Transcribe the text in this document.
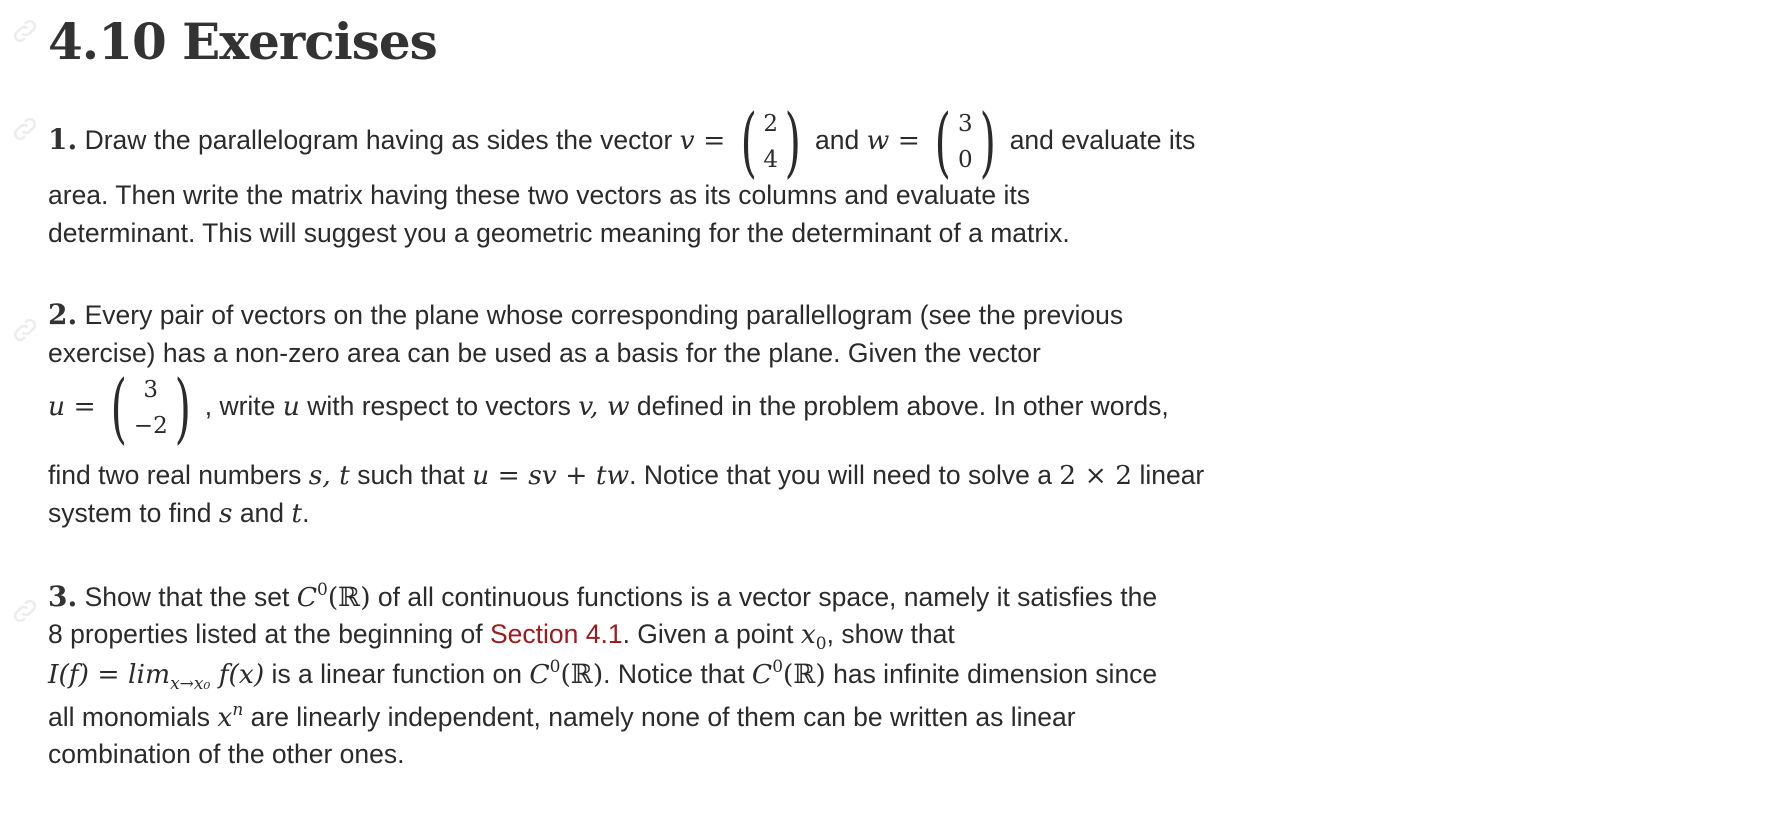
4.10 Exercises
1. Draw the parallelogram having as sides the vector v = ( 2
4 ) and w = ( 3
0 ) and evaluate its
area. Then write the matrix having these two vectors as its columns and evaluate its
determinant. This will suggest you a geometric meaning for the determinant of a matrix.
2. Every pair of vectors on the plane whose corresponding parallellogram (see the previous
exercise) has a non-zero area can be used as a basis for the plane. Given the vector
u = ( 3
−2 ) , write u with respect to vectors v, w defined in the problem above. In other words,
find two real numbers s, t such that u = sv + tw. Notice that you will need to solve a 2 × 2 linear
system to find s and t.
3. Show that the set $C^0(ℝ)$ of all continuous functions is a vector space, namely it satisfies the
8 properties listed at the beginning of Section 4.1. Given a point $x_0$, show that
$I(f) = \lim_{x\to x_0} f(x)$ is a linear function on $C^0(ℝ)$. Notice that $C^0(ℝ)$ has infinite dimension since
all monomials $x^n$ are linearly independent, namely none of them can be written as linear
combination of the other ones.
